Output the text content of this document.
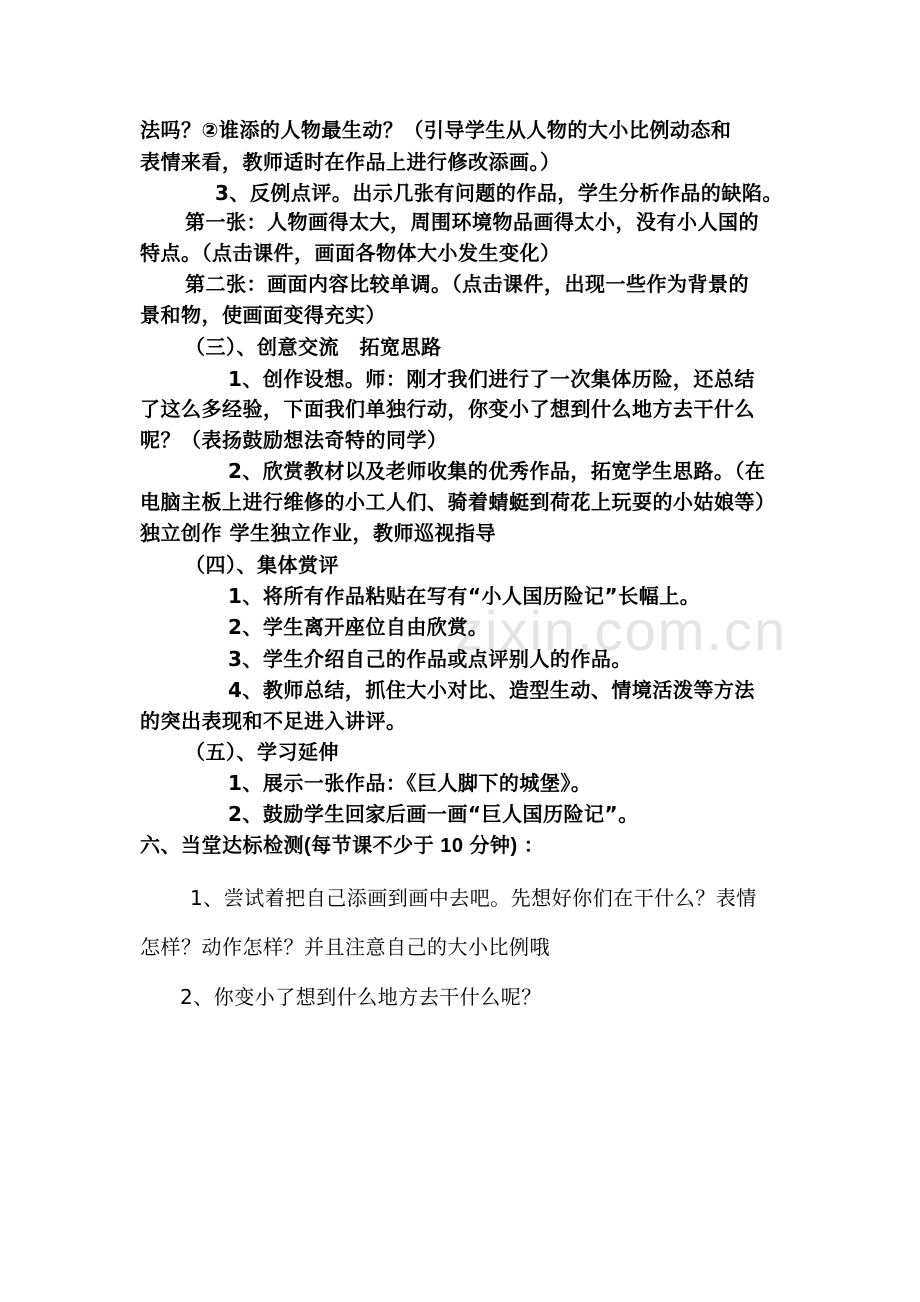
zixin.com.cn
法吗？②谁添的人物最生动？（引导学生从人物的大小比例动态和
表情来看，教师适时在作品上进行修改添画。）
3、反例点评。出示几张有问题的作品，学生分析作品的缺陷。
第一张：人物画得太大，周围环境物品画得太小，没有小人国的
特点。（点击课件，画面各物体大小发生变化）
第二张：画面内容比较单调。（点击课件，出现一些作为背景的
景和物，使画面变得充实）
（三）、创意交流　拓宽思路
1、创作设想。师：刚才我们进行了一次集体历险，还总结
了这么多经验，下面我们单独行动，你变小了想到什么地方去干什么
呢？（表扬鼓励想法奇特的同学）
2、欣赏教材以及老师收集的优秀作品，拓宽学生思路。（在
电脑主板上进行维修的小工人们、骑着蜻蜓到荷花上玩耍的小姑娘等）
独立创作 学生独立作业，教师巡视指导
（四）、集体赏评
1、将所有作品粘贴在写有“小人国历险记”长幅上。
2、学生离开座位自由欣赏。
3、学生介绍自己的作品或点评别人的作品。
4、教师总结，抓住大小对比、造型生动、情境活泼等方法
的突出表现和不足进入讲评。
（五）、学习延伸
1、展示一张作品：《巨人脚下的城堡》。
2、鼓励学生回家后画一画“巨人国历险记”。
六、当堂达标检测(每节课不少于 10 分钟) ：
1、尝试着把自己添画到画中去吧。先想好你们在干什么？表情
怎样？动作怎样？并且注意自己的大小比例哦
2、你变小了想到什么地方去干什么呢？
